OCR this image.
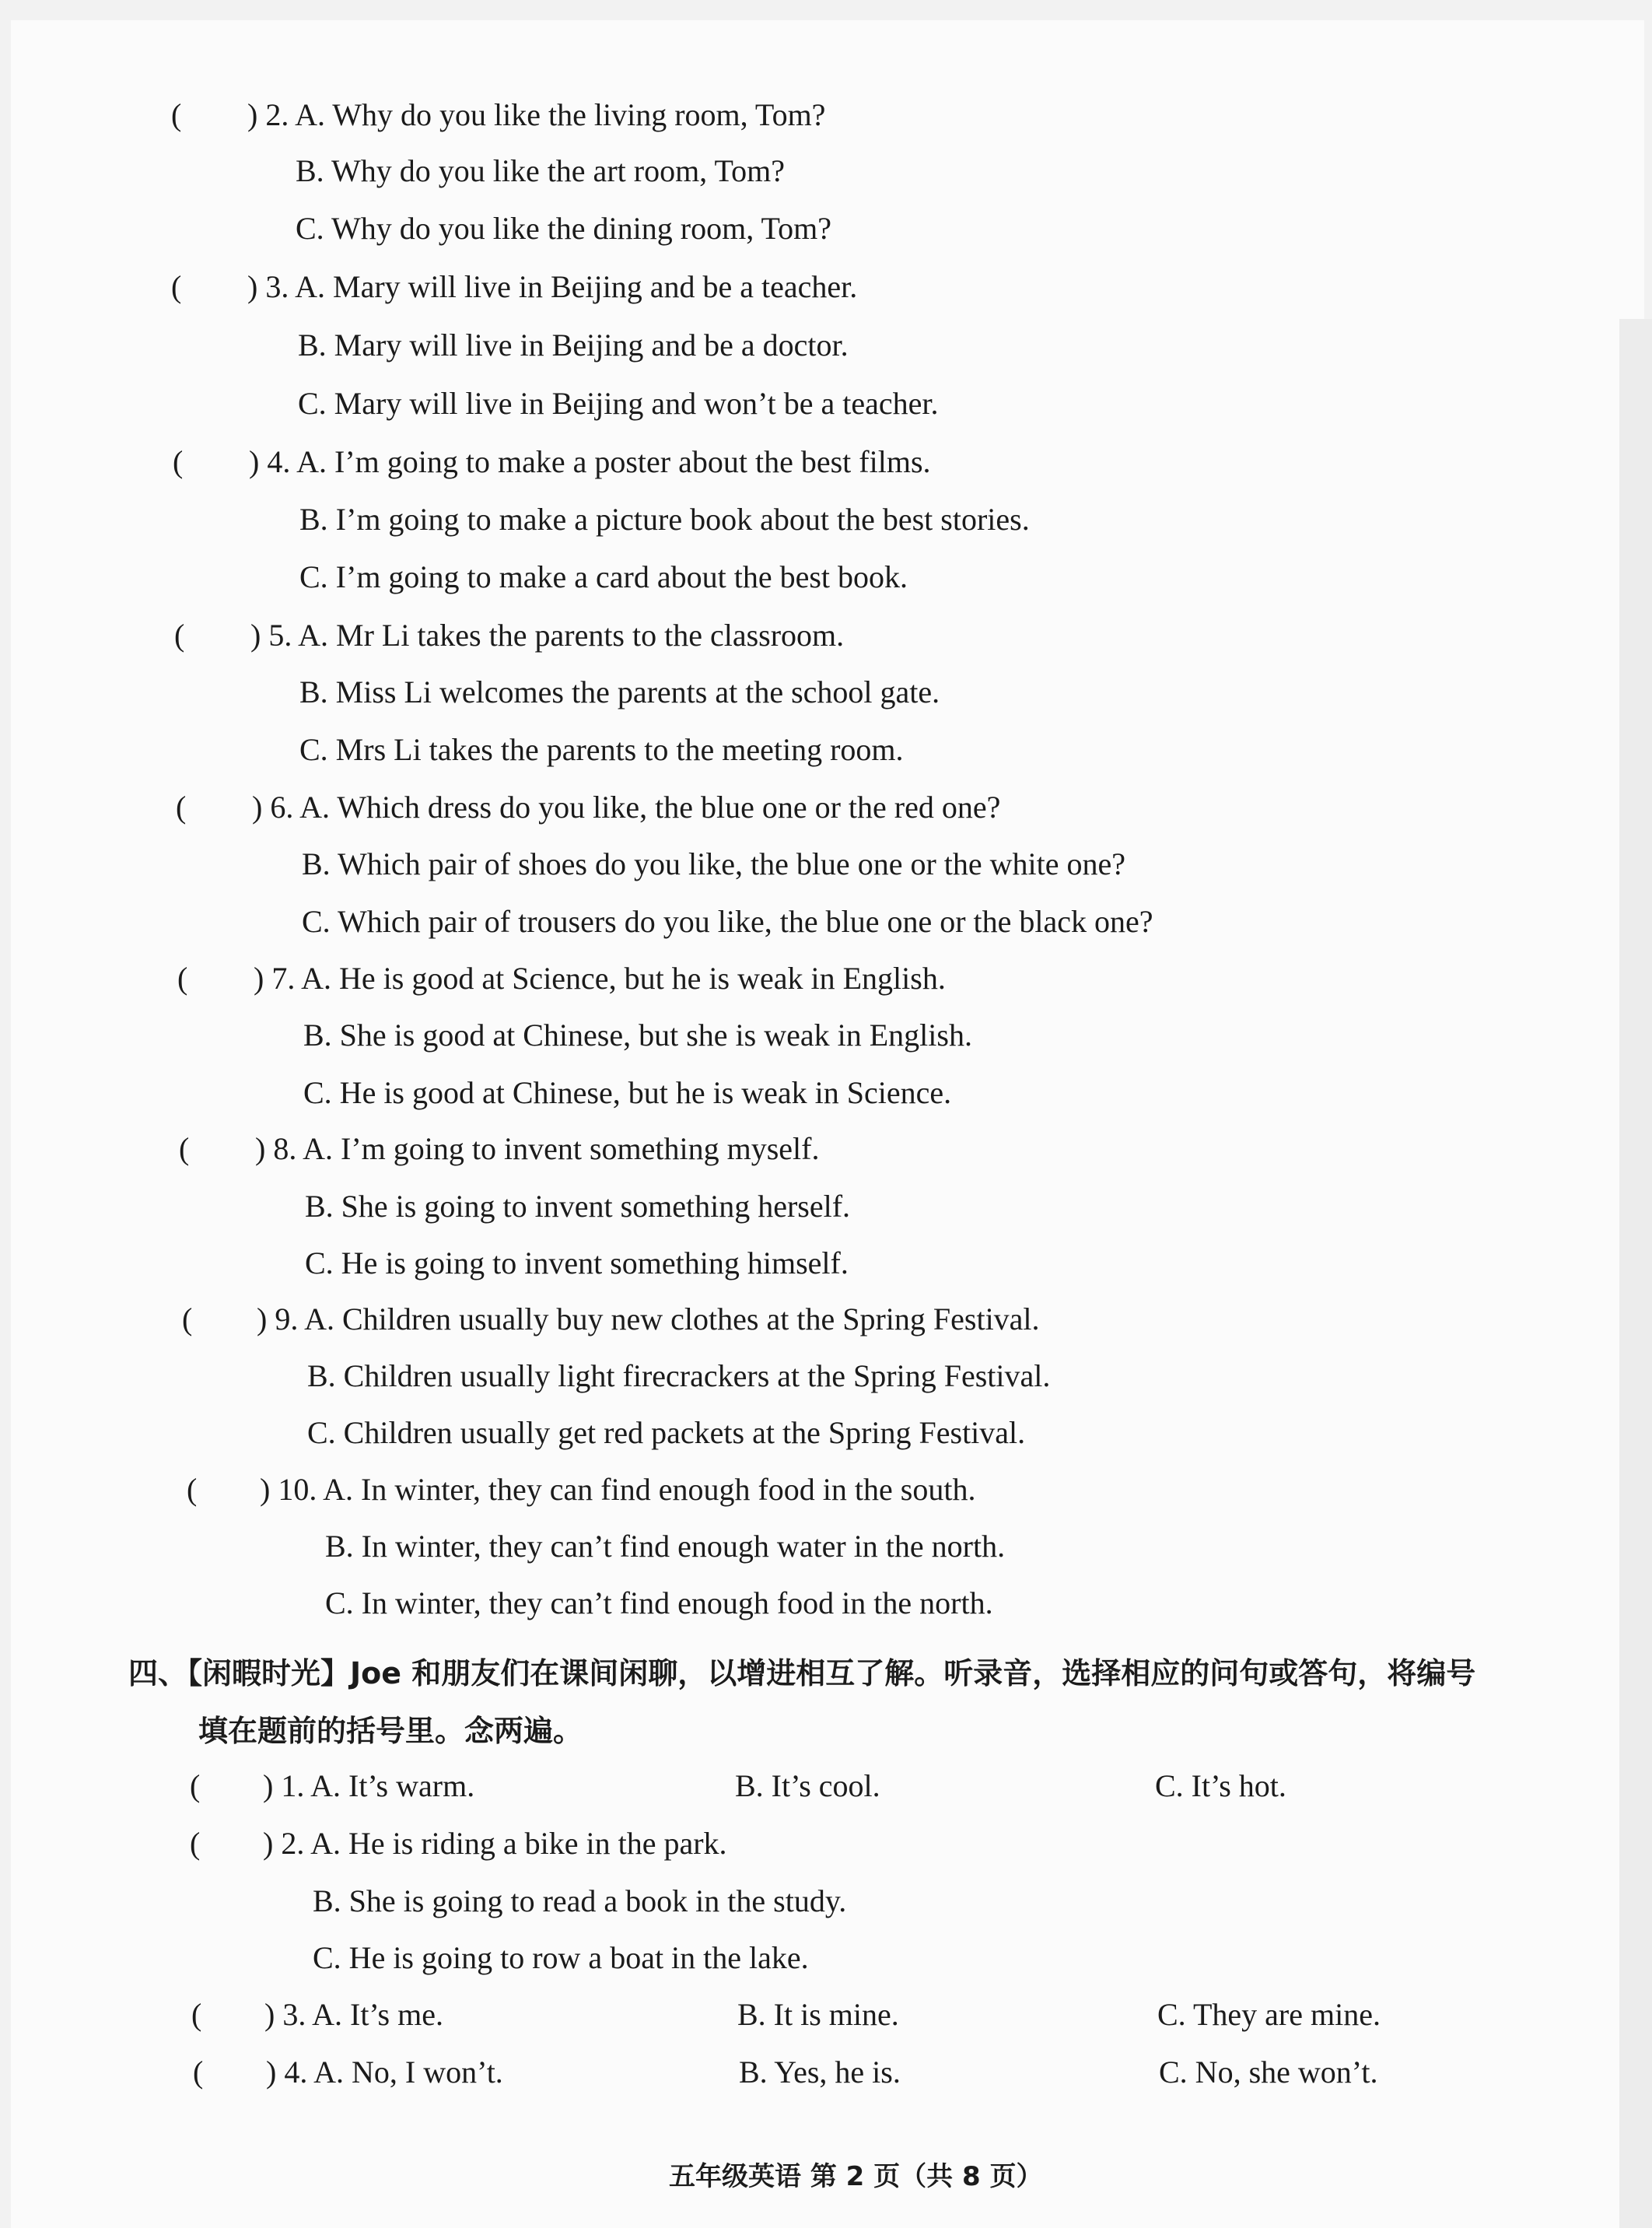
( ) 2. A. Why do you like the living room, Tom?
B. Why do you like the art room, Tom?
C. Why do you like the dining room, Tom?
( ) 3. A. Mary will live in Beijing and be a teacher.
B. Mary will live in Beijing and be a doctor.
C. Mary will live in Beijing and won’t be a teacher.
( ) 4. A. I’m going to make a poster about the best films.
B. I’m going to make a picture book about the best stories.
C. I’m going to make a card about the best book.
( ) 5. A. Mr Li takes the parents to the classroom.
B. Miss Li welcomes the parents at the school gate.
C. Mrs Li takes the parents to the meeting room.
( ) 6. A. Which dress do you like, the blue one or the red one?
B. Which pair of shoes do you like, the blue one or the white one?
C. Which pair of trousers do you like, the blue one or the black one?
( ) 7. A. He is good at Science, but he is weak in English.
B. She is good at Chinese, but she is weak in English.
C. He is good at Chinese, but he is weak in Science.
( ) 8. A. I’m going to invent something myself.
B. She is going to invent something herself.
C. He is going to invent something himself.
( ) 9. A. Children usually buy new clothes at the Spring Festival.
B. Children usually light firecrackers at the Spring Festival.
C. Children usually get red packets at the Spring Festival.
( ) 10. A. In winter, they can find enough food in the south.
B. In winter, they can’t find enough water in the north.
C. In winter, they can’t find enough food in the north.
四、【闲暇时光】Joe 和朋友们在课间闲聊，以增进相互了解。听录音，选择相应的问句或答句，将编号
填在题前的括号里。念两遍。
( ) 1. A. It’s warm.	B. It’s cool.	C. It’s hot.
( ) 2. A. He is riding a bike in the park.
B. She is going to read a book in the study.
C. He is going to row a boat in the lake.
( ) 3. A. It’s me.	B. It is mine.	C. They are mine.
( ) 4. A. No, I won’t.	B. Yes, he is.	C. No, she won’t.
五年级英语 第 2 页（共 8 页）
